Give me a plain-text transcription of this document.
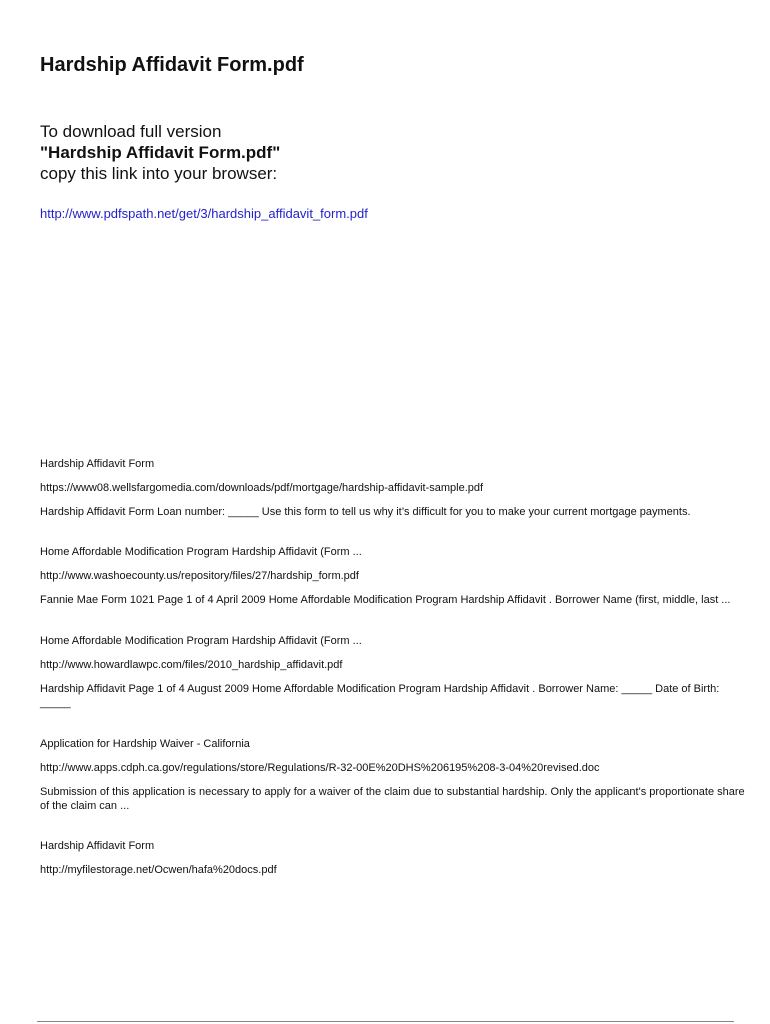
Hardship Affidavit Form.pdf
To download full version
"Hardship Affidavit Form.pdf"
copy this link into your browser:
http://www.pdfspath.net/get/3/hardship_affidavit_form.pdf
Hardship Affidavit Form
https://www08.wellsfargomedia.com/downloads/pdf/mortgage/hardship-affidavit-sample.pdf
Hardship Affidavit Form Loan number: _____ Use this form to tell us why it’s difficult for you to make your current mortgage payments.
Home Affordable Modification Program Hardship Affidavit (Form ...
http://www.washoecounty.us/repository/files/27/hardship_form.pdf
Fannie Mae Form 1021 Page 1 of 4 April 2009 Home Affordable Modification Program Hardship Affidavit . Borrower Name (first, middle, last ...
Home Affordable Modification Program Hardship Affidavit (Form ...
http://www.howardlawpc.com/files/2010_hardship_affidavit.pdf
Hardship Affidavit Page 1 of 4 August 2009 Home Affordable Modification Program Hardship Affidavit . Borrower Name: _____ Date of Birth: _____
Application for Hardship Waiver - California
http://www.apps.cdph.ca.gov/regulations/store/Regulations/R-32-00E%20DHS%206195%208-3-04%20revised.doc
Submission of this application is necessary to apply for a waiver of the claim due to substantial hardship. Only the applicant's proportionate share of the claim can ...
Hardship Affidavit Form
http://myfilestorage.net/Ocwen/hafa%20docs.pdf
